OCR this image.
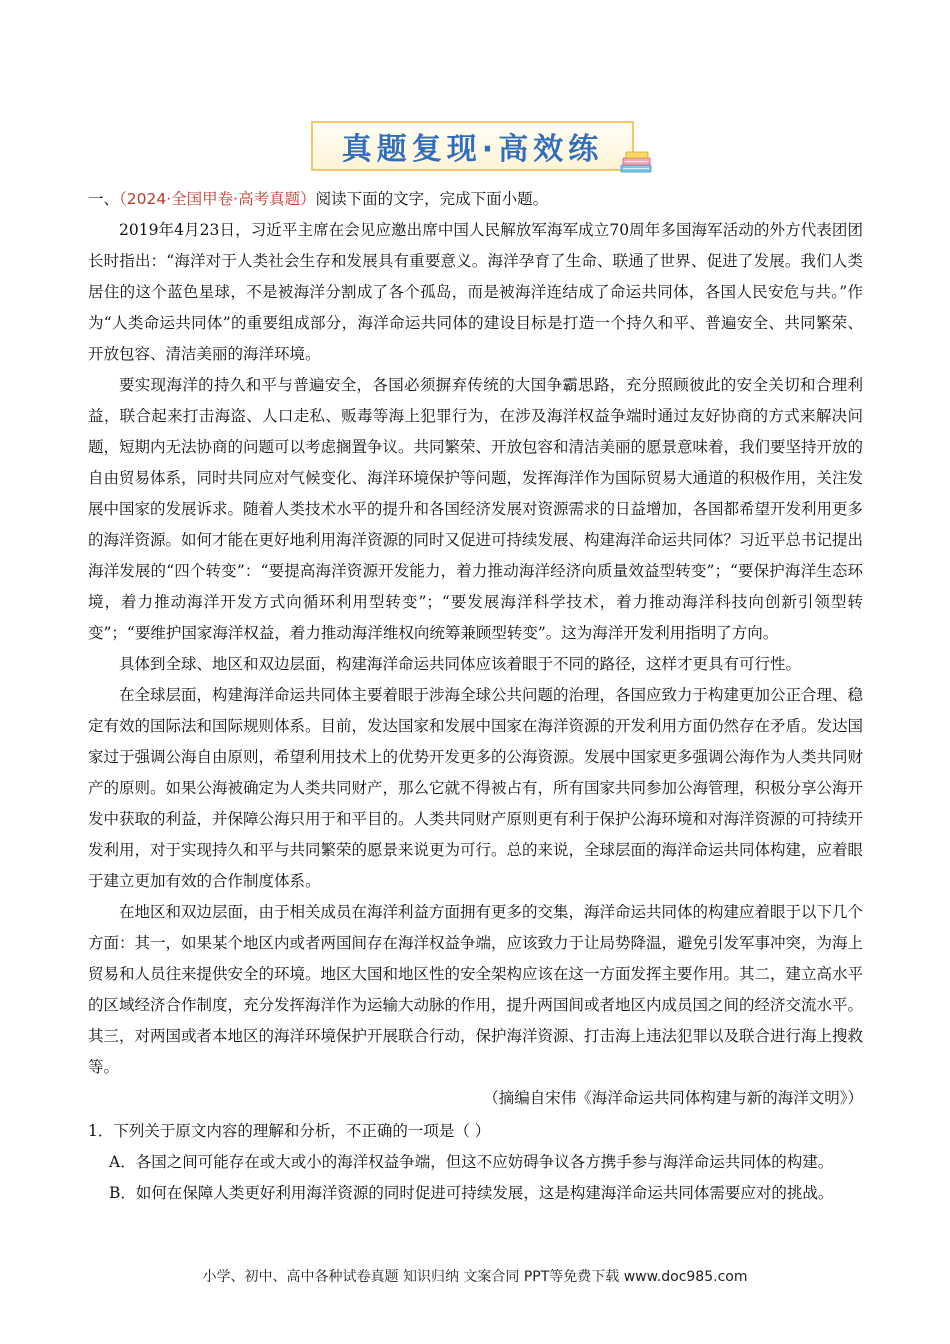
真题复现·高效练

一、（2024·全国甲卷·高考真题）阅读下面的文字，完成下面小题。

2019年4月23日，习近平主席在会见应邀出席中国人民解放军海军成立70周年多国海军活动的外方代表团团长时指出：“海洋对于人类社会生存和发展具有重要意义。海洋孕育了生命、联通了世界、促进了发展。我们人类居住的这个蓝色星球，不是被海洋分割成了各个孤岛，而是被海洋连结成了命运共同体，各国人民安危与共。”作为“人类命运共同体”的重要组成部分，海洋命运共同体的建设目标是打造一个持久和平、普遍安全、共同繁荣、开放包容、清洁美丽的海洋环境。

要实现海洋的持久和平与普遍安全，各国必须摒弃传统的大国争霸思路，充分照顾彼此的安全关切和合理利益，联合起来打击海盗、人口走私、贩毒等海上犯罪行为，在涉及海洋权益争端时通过友好协商的方式来解决问题，短期内无法协商的问题可以考虑搁置争议。共同繁荣、开放包容和清洁美丽的愿景意味着，我们要坚持开放的自由贸易体系，同时共同应对气候变化、海洋环境保护等问题，发挥海洋作为国际贸易大通道的积极作用，关注发展中国家的发展诉求。随着人类技术水平的提升和各国经济发展对资源需求的日益增加，各国都希望开发利用更多的海洋资源。如何才能在更好地利用海洋资源的同时又促进可持续发展、构建海洋命运共同体？习近平总书记提出海洋发展的“四个转变”：“要提高海洋资源开发能力，着力推动海洋经济向质量效益型转变”；“要保护海洋生态环境，着力推动海洋开发方式向循环利用型转变”；“要发展海洋科学技术，着力推动海洋科技向创新引领型转变”；“要维护国家海洋权益，着力推动海洋维权向统筹兼顾型转变”。这为海洋开发利用指明了方向。

具体到全球、地区和双边层面，构建海洋命运共同体应该着眼于不同的路径，这样才更具有可行性。

在全球层面，构建海洋命运共同体主要着眼于涉海全球公共问题的治理，各国应致力于构建更加公正合理、稳定有效的国际法和国际规则体系。目前，发达国家和发展中国家在海洋资源的开发利用方面仍然存在矛盾。发达国家过于强调公海自由原则，希望利用技术上的优势开发更多的公海资源。发展中国家更多强调公海作为人类共同财产的原则。如果公海被确定为人类共同财产，那么它就不得被占有，所有国家共同参加公海管理，积极分享公海开发中获取的利益，并保障公海只用于和平目的。人类共同财产原则更有利于保护公海环境和对海洋资源的可持续开发利用，对于实现持久和平与共同繁荣的愿景来说更为可行。总的来说，全球层面的海洋命运共同体构建，应着眼于建立更加有效的合作制度体系。

在地区和双边层面，由于相关成员在海洋利益方面拥有更多的交集，海洋命运共同体的构建应着眼于以下几个方面：其一，如果某个地区内或者两国间存在海洋权益争端，应该致力于让局势降温，避免引发军事冲突，为海上贸易和人员往来提供安全的环境。地区大国和地区性的安全架构应该在这一方面发挥主要作用。其二，建立高水平的区域经济合作制度，充分发挥海洋作为运输大动脉的作用，提升两国间或者地区内成员国之间的经济交流水平。其三，对两国或者本地区的海洋环境保护开展联合行动，保护海洋资源、打击海上违法犯罪以及联合进行海上搜救等。

（摘编自宋伟《海洋命运共同体构建与新的海洋文明》）

1．下列关于原文内容的理解和分析，不正确的一项是（ ）

A．各国之间可能存在或大或小的海洋权益争端，但这不应妨碍争议各方携手参与海洋命运共同体的构建。

B．如何在保障人类更好利用海洋资源的同时促进可持续发展，这是构建海洋命运共同体需要应对的挑战。

小学、初中、高中各种试卷真题 知识归纳 文案合同 PPT等免费下载 www.doc985.com
